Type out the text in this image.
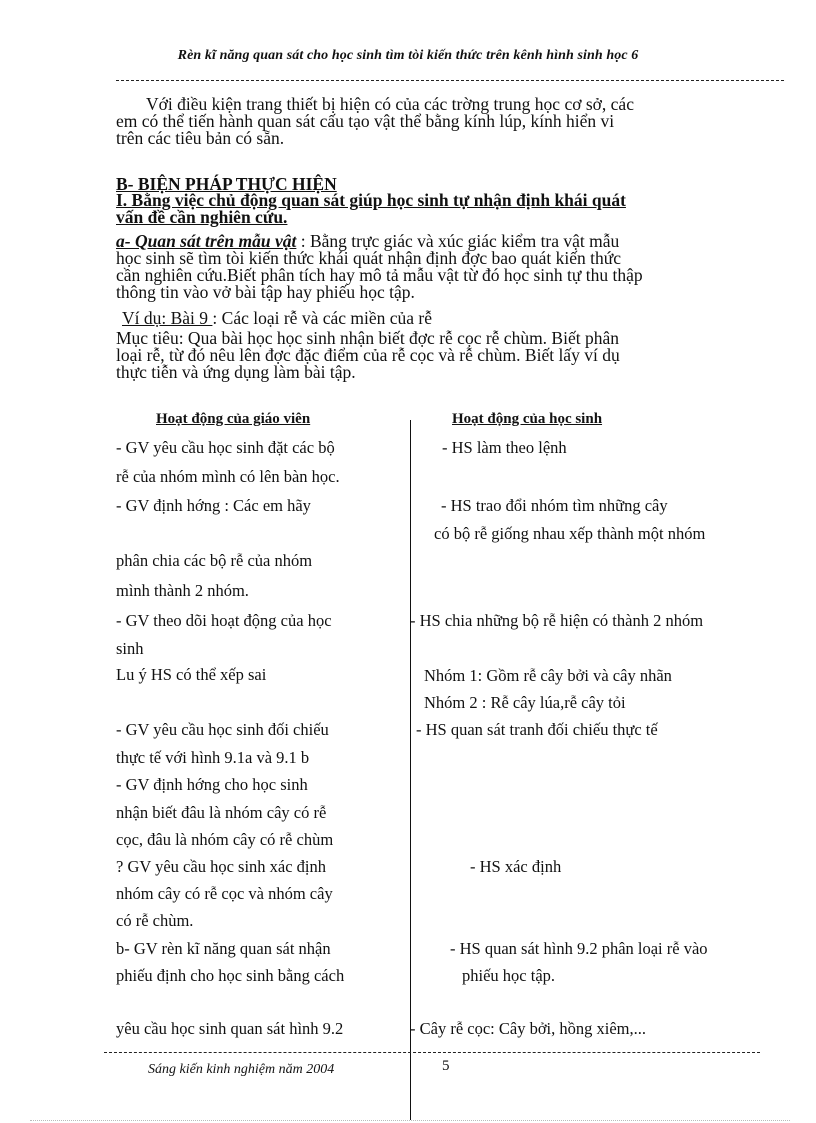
Rèn kĩ năng quan sát cho học sinh tìm tòi kiến thức trên kênh hình sinh học 6
Với điều kiện trang thiết bị hiện có của các trờng trung học cơ sở, các
em có thể tiến hành quan sát cấu tạo vật thể bằng kính lúp, kính hiển vi
trên các tiêu bản có sẵn.
B- BIỆN PHÁP THỰC HIỆN
I. Bằng việc chủ động quan sát giúp học sinh tự nhận định khái quát
vấn đề cần nghiên cứu.
a- Quan sát trên mẫu vật : Bằng trực giác và xúc giác kiểm tra vật mẫu
học sinh sẽ tìm tòi kiến thức khái quát nhận định đợc bao quát kiến thức
cần nghiên cứu.Biết phân tích hay mô tả mẫu vật từ đó học sinh tự thu thập
thông tin vào vở bài tập hay phiếu học tập.
Ví dụ: Bài 9 : Các loại rễ và các miền của rễ
Mục tiêu: Qua bài học học sinh nhận biết đợc rễ cọc rễ chùm. Biết phân
loại rễ, từ đó nêu lên đợc đặc điểm của rễ cọc và rễ chùm. Biết lấy ví dụ
thực tiễn và ứng dụng làm bài tập.
Hoạt động của giáo viên	Hoạt động của học sinh
- GV yêu cầu học sinh đặt các bộ
rễ của nhóm mình có lên bàn học.
- GV định hớng : Các em hãy
phân chia các bộ rễ của nhóm
mình thành 2 nhóm.
- GV theo dõi hoạt động của học
sinh
Lu ý HS có thể xếp sai
- GV yêu cầu học sinh đối chiếu
thực tế với hình 9.1a và 9.1 b
- GV định hớng cho học sinh
nhận biết đâu là nhóm cây có rễ
cọc, đâu là nhóm cây có rễ chùm
? GV yêu cầu học sinh xác định
nhóm cây có rễ cọc và nhóm cây
có rễ chùm.
b- GV rèn kĩ năng quan sát nhận
phiếu định cho học sinh bằng cách
yêu cầu học sinh quan sát hình 9.2
- HS làm theo lệnh
- HS trao đổi nhóm tìm những cây
có bộ rễ giống nhau xếp thành một nhóm
- HS chia những bộ rễ hiện có thành 2 nhóm
Nhóm 1: Gồm rễ cây bởi và cây nhãn
Nhóm 2 : Rễ cây lúa,rễ cây tỏi
- HS quan sát tranh đối chiếu thực tế
- HS xác định
- HS quan sát hình 9.2 phân loại rễ vào
phiếu học tập.
- Cây rễ cọc: Cây bởi, hồng xiêm,...
Sáng kiến kinh nghiệm năm 2004	5
